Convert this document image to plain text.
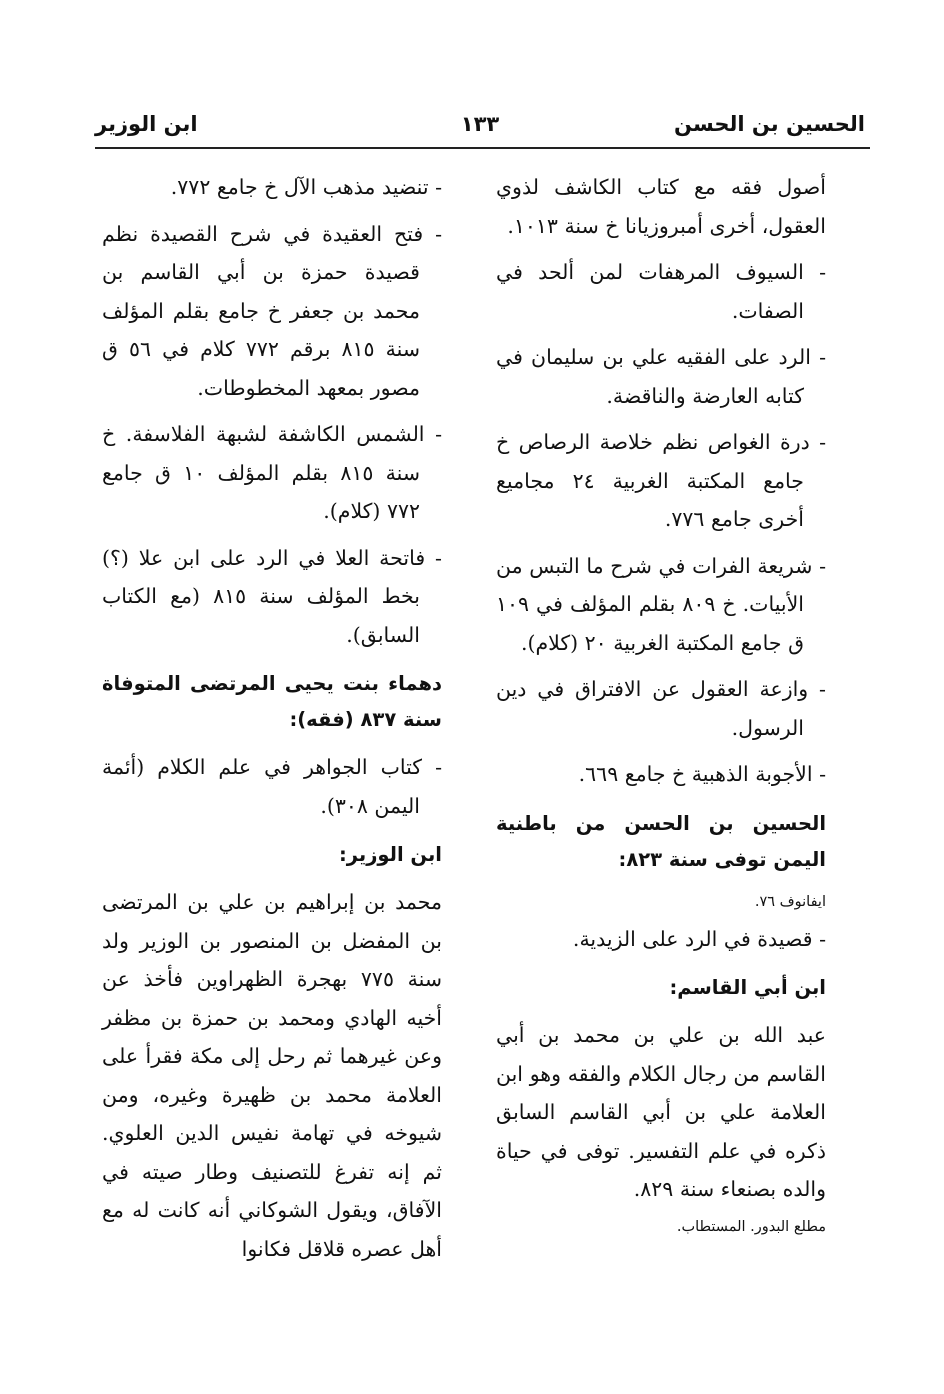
الحسين بن الحسن
١٣٣
ابن الوزير
أصول فقه مع كتاب الكاشف لذوي العقول، أخرى أمبروزيانا خ سنة ١٠١٣.
- السيوف المرهفات لمن ألحد في الصفات.
- الرد على الفقيه علي بن سليمان في كتابه العارضة والناقضة.
- درة الغواص نظم خلاصة الرصاص خ جامع المكتبة الغربية ٢٤ مجاميع أخرى جامع ٧٧٦.
- شريعة الفرات في شرح ما التبس من الأبيات. خ ٨٠٩ بقلم المؤلف في ١٠٩ ق جامع المكتبة الغربية ٢٠ (كلام).
- وازعة العقول عن الافتراق في دين الرسول.
- الأجوبة الذهبية خ جامع ٦٦٩.
الحسين بن الحسن من باطنية اليمن توفى سنة ٨٢٣:
ايفانوف ٧٦.
- قصيدة في الرد على الزيدية.
ابن أبي القاسم:
عبد الله بن علي بن محمد بن أبي القاسم من رجال الكلام والفقه وهو ابن العلامة علي بن أبي القاسم السابق ذكره في علم التفسير. توفى في حياة والده بصنعاء سنة ٨٢٩.
مطلع البدور. المستطاب.
- تنضيد مذهب الآل خ جامع ٧٧٢.
- فتح العقيدة في شرح القصيدة نظم قصيدة حمزة بن أبي القاسم بن محمد بن جعفر خ جامع بقلم المؤلف سنة ٨١٥ برقم ٧٧٢ كلام في ٥٦ ق مصور بمعهد المخطوطات.
- الشمس الكاشفة لشبهة الفلاسفة. خ سنة ٨١٥ بقلم المؤلف ١٠ ق جامع ٧٧٢ (كلام).
- فاتحة العلا في الرد على ابن علا (؟) بخط المؤلف سنة ٨١٥ (مع الكتاب السابق).
دهماء بنت يحيى المرتضى المتوفاة سنة ٨٣٧ (فقه):
- كتاب الجواهر في علم الكلام (أئمة اليمن ٣٠٨).
ابن الوزير:
محمد بن إبراهيم بن علي بن المرتضى بن المفضل بن المنصور بن الوزير ولد سنة ٧٧٥ بهجرة الظهراوين فأخذ عن أخيه الهادي ومحمد بن حمزة بن مظفر وعن غيرهما ثم رحل إلى مكة فقرأ على العلامة محمد بن ظهيرة وغيره، ومن شيوخه في تهامة نفيس الدين العلوي. ثم إنه تفرغ للتصنيف وطار صيته في الآفاق، ويقول الشوكاني أنه كانت له مع أهل عصره قلاقل فكانوا
